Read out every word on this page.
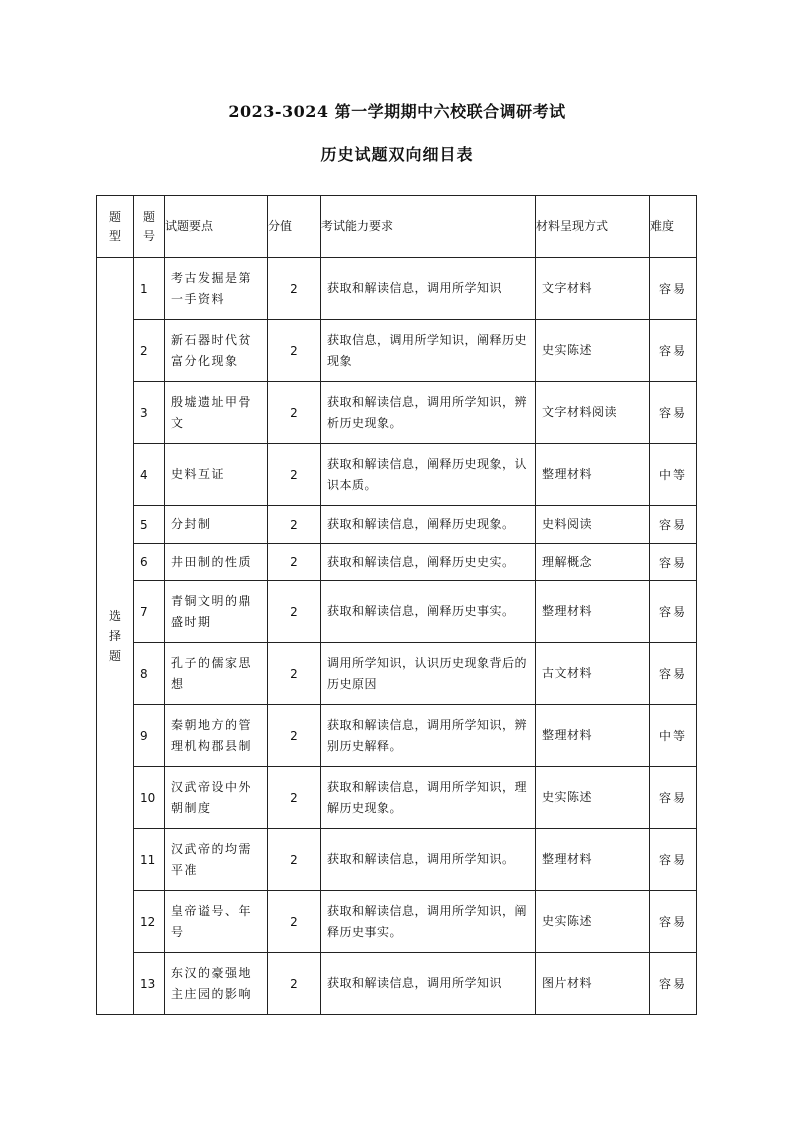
2023-3024 第一学期期中六校联合调研考试
历史试题双向细目表
题型	题号	试题要点	分值	考试能力要求	材料呈现方式	难度
选择题	1	考古发掘是第一手资料	2	获取和解读信息，调用所学知识	文字材料	容易
	2	新石器时代贫富分化现象	2	获取信息，调用所学知识，阐释历史现象	史实陈述	容易
	3	殷墟遗址甲骨文	2	获取和解读信息，调用所学知识，辨析历史现象。	文字材料阅读	容易
	4	史料互证	2	获取和解读信息，阐释历史现象，认识本质。	整理材料	中等
	5	分封制	2	获取和解读信息，阐释历史现象。	史料阅读	容易
	6	井田制的性质	2	获取和解读信息，阐释历史史实。	理解概念	容易
	7	青铜文明的鼎盛时期	2	获取和解读信息，阐释历史事实。	整理材料	容易
	8	孔子的儒家思想	2	调用所学知识，认识历史现象背后的历史原因	古文材料	容易
	9	秦朝地方的管理机构郡县制	2	获取和解读信息，调用所学知识，辨别历史解释。	整理材料	中等
	10	汉武帝设中外朝制度	2	获取和解读信息，调用所学知识，理解历史现象。	史实陈述	容易
	11	汉武帝的均需平准	2	获取和解读信息，调用所学知识。	整理材料	容易
	12	皇帝谥号、年号	2	获取和解读信息，调用所学知识，阐释历史事实。	史实陈述	容易
	13	东汉的豪强地主庄园的影响	2	获取和解读信息，调用所学知识	图片材料	容易
